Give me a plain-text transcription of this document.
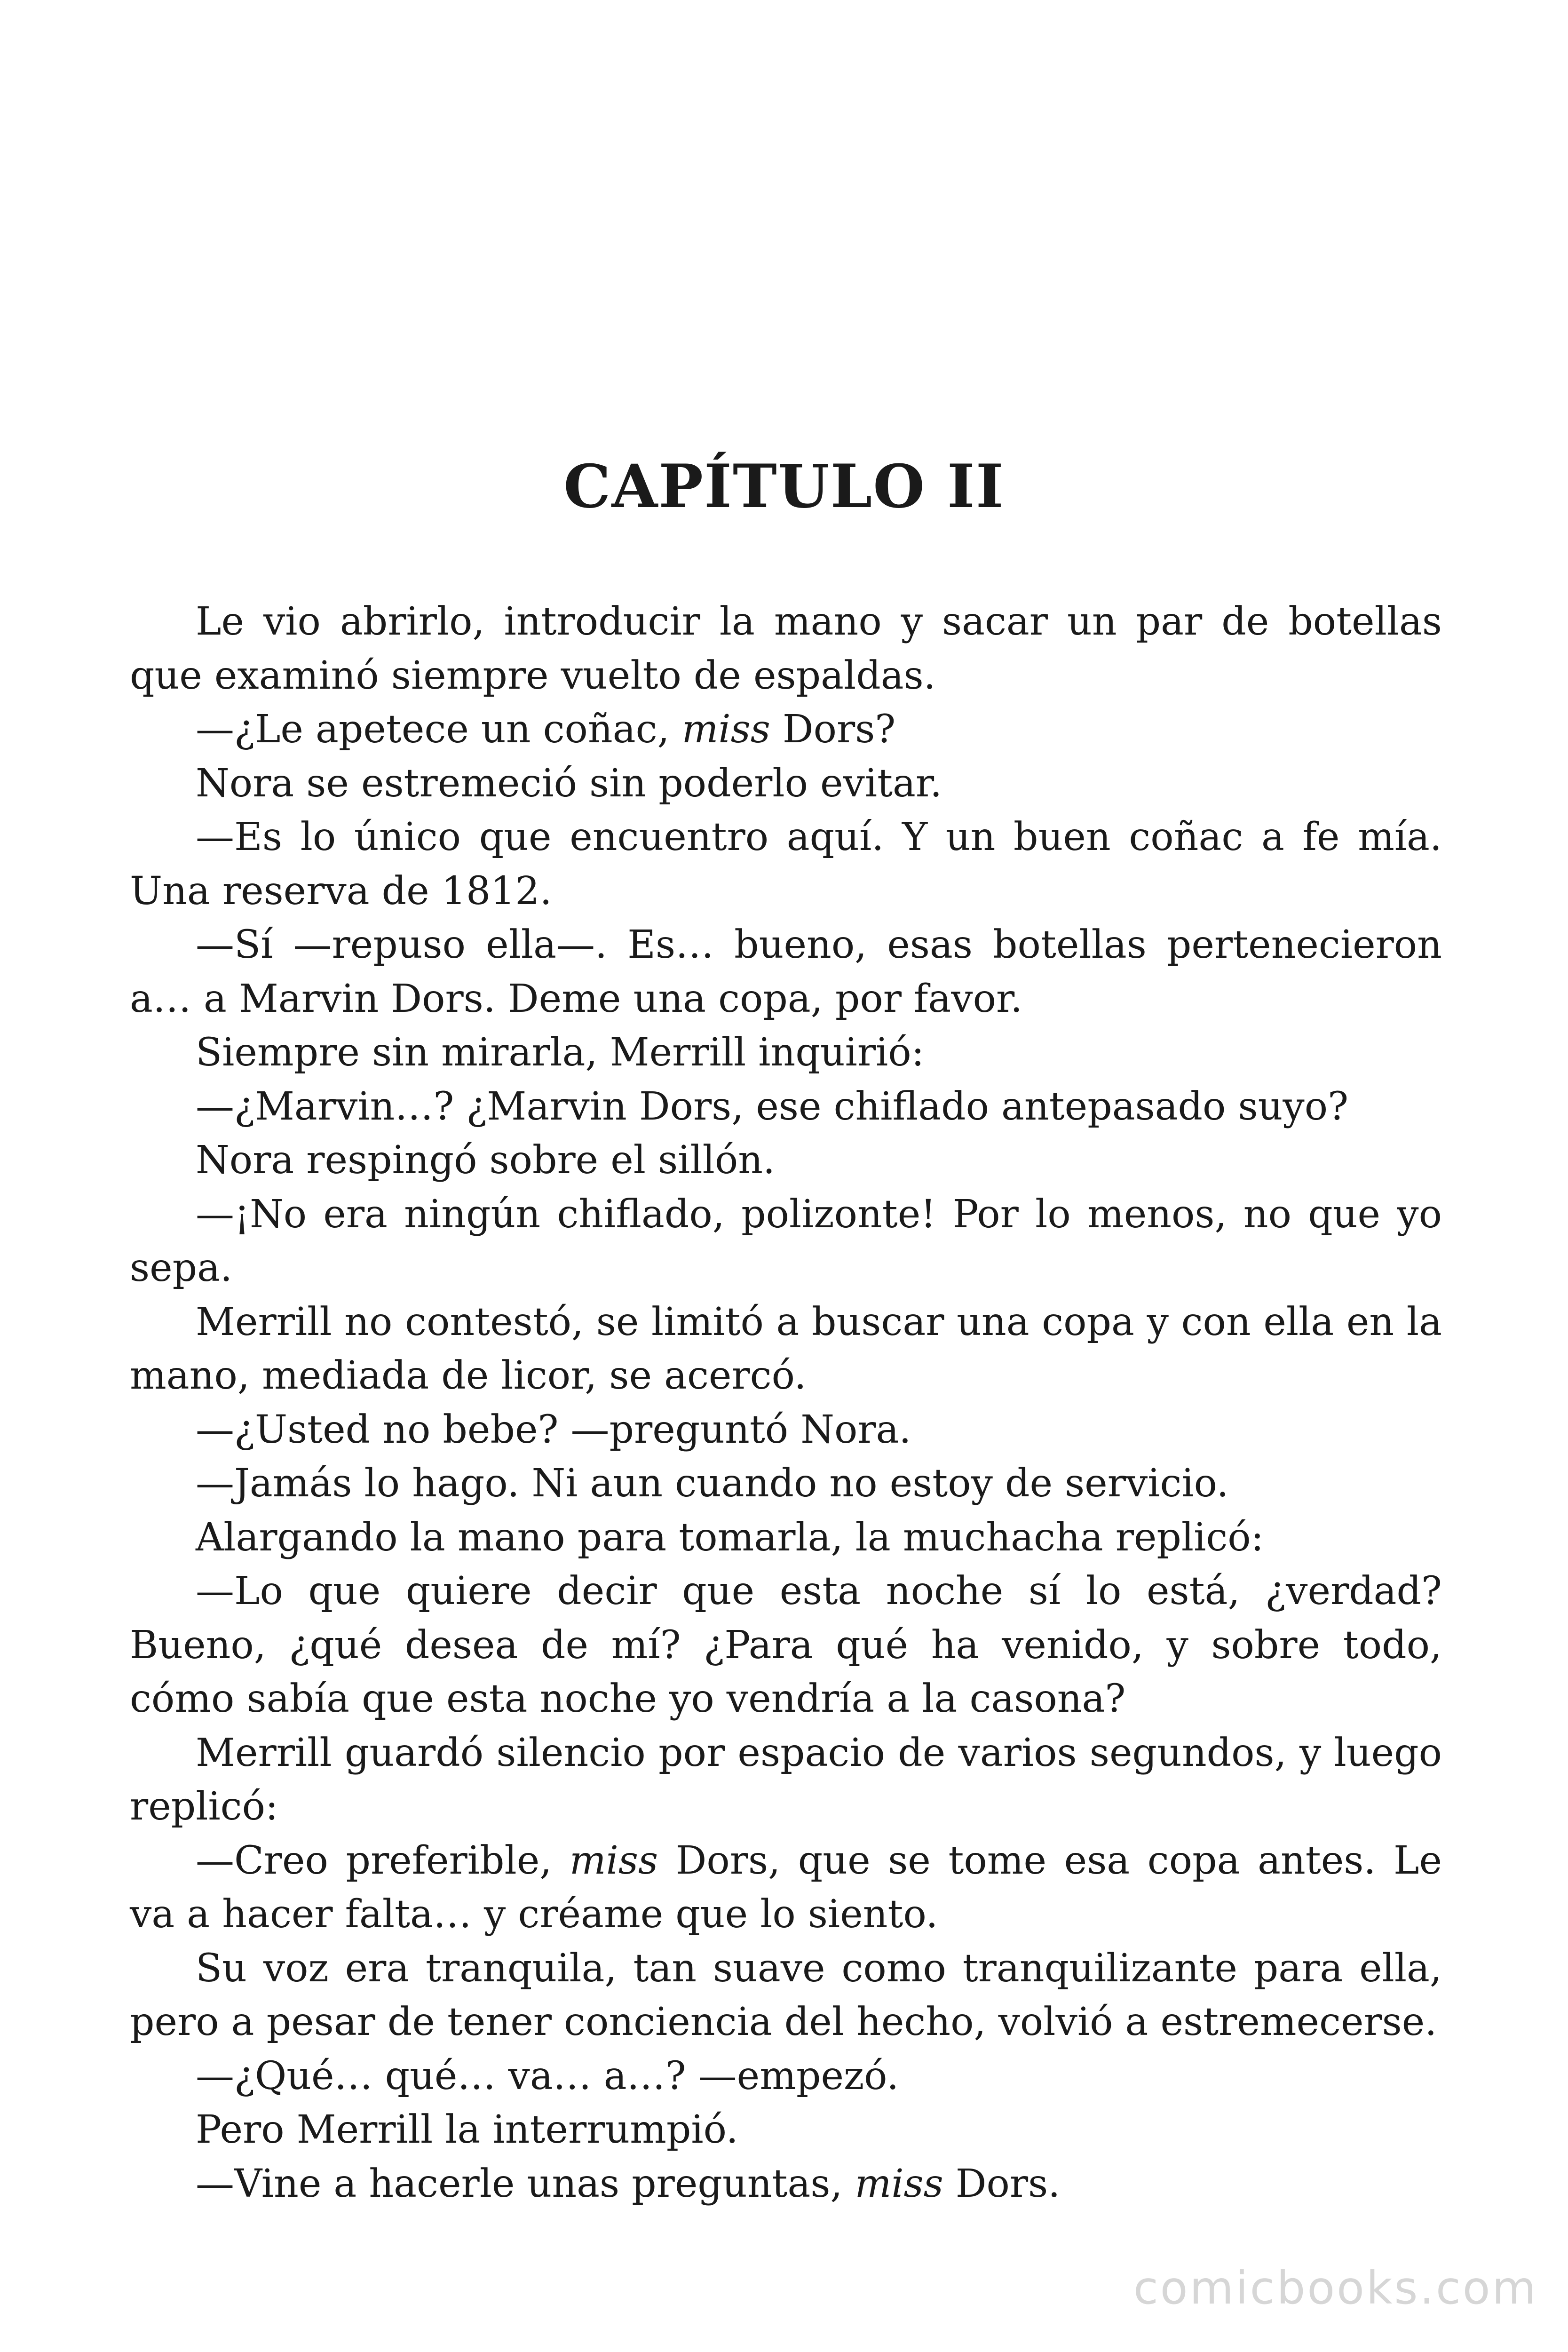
CAPÍTULO II

Le vio abrirlo, introducir la mano y sacar un par de botellas que examinó siempre vuelto de espaldas.

—¿Le apetece un coñac, miss Dors?

Nora se estremeció sin poderlo evitar.

—Es lo único que encuentro aquí. Y un buen coñac a fe mía. Una reserva de 1812.

—Sí —repuso ella—. Es… bueno, esas botellas pertenecieron a… a Marvin Dors. Deme una copa, por favor.

Siempre sin mirarla, Merrill inquirió:

—¿Marvin…? ¿Marvin Dors, ese chiflado antepasado suyo?

Nora respingó sobre el sillón.

—¡No era ningún chiflado, polizonte! Por lo menos, no que yo sepa.

Merrill no contestó, se limitó a buscar una copa y con ella en la mano, mediada de licor, se acercó.

—¿Usted no bebe? —preguntó Nora.

—Jamás lo hago. Ni aun cuando no estoy de servicio.

Alargando la mano para tomarla, la muchacha replicó:

—Lo que quiere decir que esta noche sí lo está, ¿verdad? Bueno, ¿qué desea de mí? ¿Para qué ha venido, y sobre todo, cómo sabía que esta noche yo vendría a la casona?

Merrill guardó silencio por espacio de varios segundos, y luego replicó:

—Creo preferible, miss Dors, que se tome esa copa antes. Le va a hacer falta… y créame que lo siento.

Su voz era tranquila, tan suave como tranquilizante para ella, pero a pesar de tener conciencia del hecho, volvió a estremecerse.

—¿Qué… qué… va… a…? —empezó.

Pero Merrill la interrumpió.

—Vine a hacerle unas preguntas, miss Dors.

comicbooks.com
